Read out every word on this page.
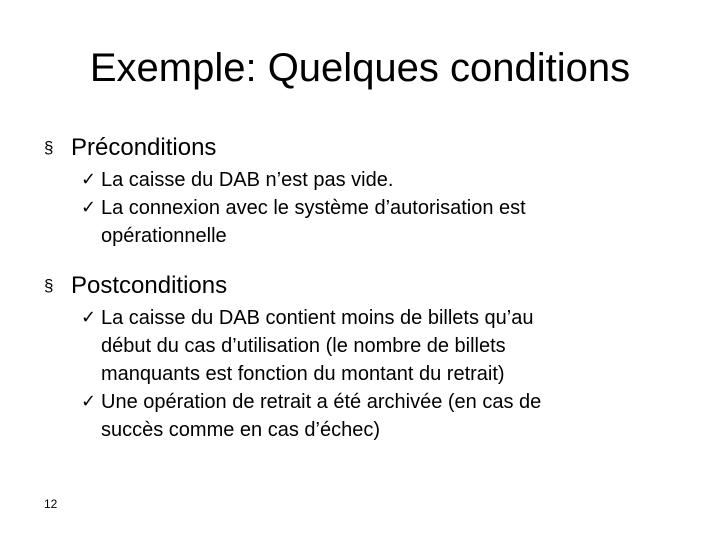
Exemple: Quelques conditions
§ Préconditions
✓ La caisse du DAB n’est pas vide.
✓ La connexion avec le système d’autorisation est
opérationnelle
§ Postconditions
✓ La caisse du DAB contient moins de billets qu’au
début du cas d’utilisation (le nombre de billets
manquants est fonction du montant du retrait)
✓ Une opération de retrait a été archivée (en cas de
succès comme en cas d’échec)
12
